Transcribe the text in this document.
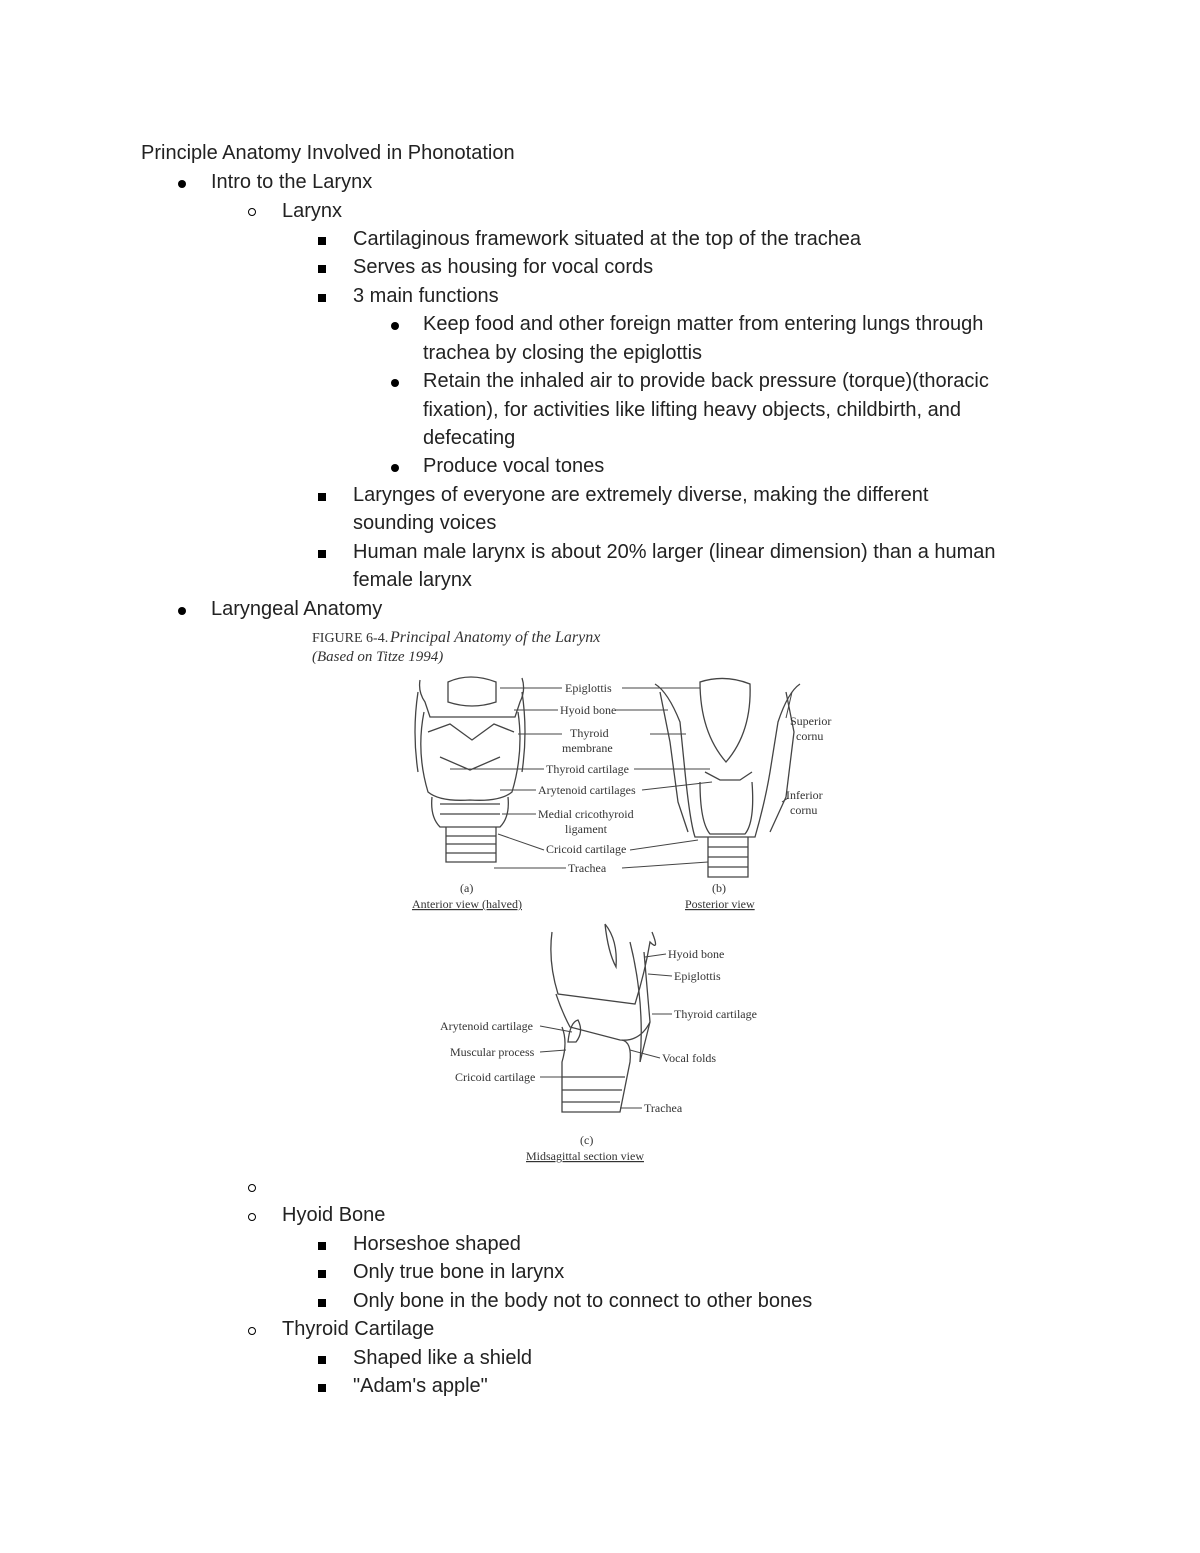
Principle Anatomy Involved in Phonotation
Intro to the Larynx
Larynx
Cartilaginous framework situated at the top of the trachea
Serves as housing for vocal cords
3 main functions
Keep food and other foreign matter from entering lungs through
trachea by closing the epiglottis
Retain the inhaled air to provide back pressure (torque)(thoracic
fixation), for activities like lifting heavy objects, childbirth, and
defecating
Produce vocal tones
Larynges of everyone are extremely diverse, making the different
sounding voices
Human male larynx is about 20% larger (linear dimension) than a human
female larynx
Laryngeal Anatomy
FIGURE 6-4. Principal Anatomy of the Larynx
(Based on Titze 1994)
Epiglottis
Hyoid bone
Thyroid
membrane
Thyroid cartilage
Arytenoid cartilages
Medial cricothyroid
ligament
Cricoid cartilage
Trachea
Superior
cornu
Inferior
cornu
(a)
Anterior view (halved)
(b)
Posterior view
Hyoid bone
Epiglottis
Thyroid cartilage
Arytenoid cartilage
Muscular process	Vocal folds
Cricoid cartilage
Trachea
(c)
Midsagittal section view
Hyoid Bone
Horseshoe shaped
Only true bone in larynx
Only bone in the body not to connect to other bones
Thyroid Cartilage
Shaped like a shield
"Adam's apple"
